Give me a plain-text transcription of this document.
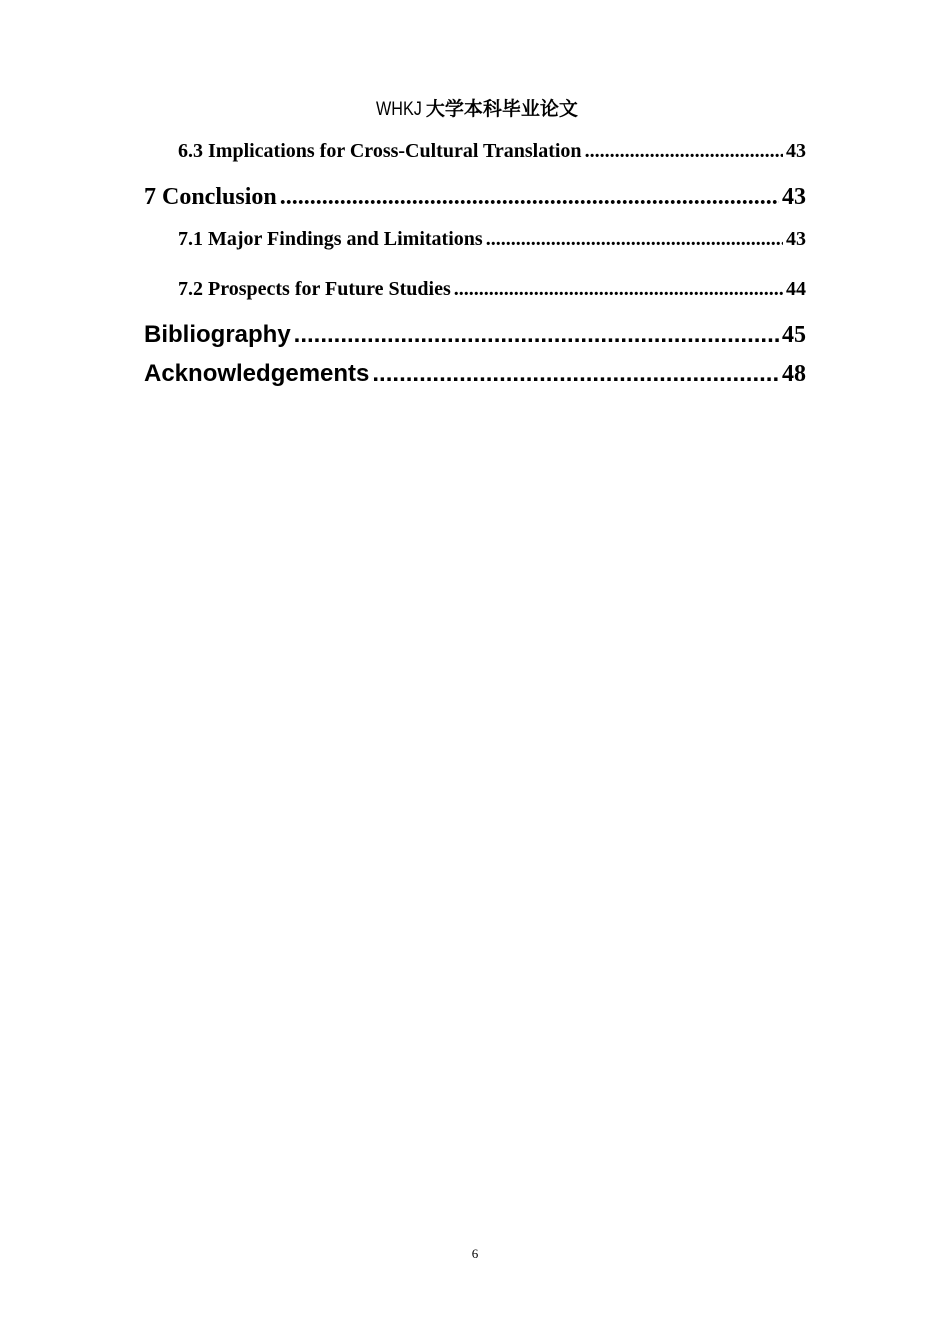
WHKJ 大学本科毕业论文
6.3 Implications for Cross-Cultural Translation .....	43
7 Conclusion .....	43
7.1 Major Findings and Limitations .....	43
7.2 Prospects for Future Studies .....	44
Bibliography .....	45
Acknowledgements .....	48
6
